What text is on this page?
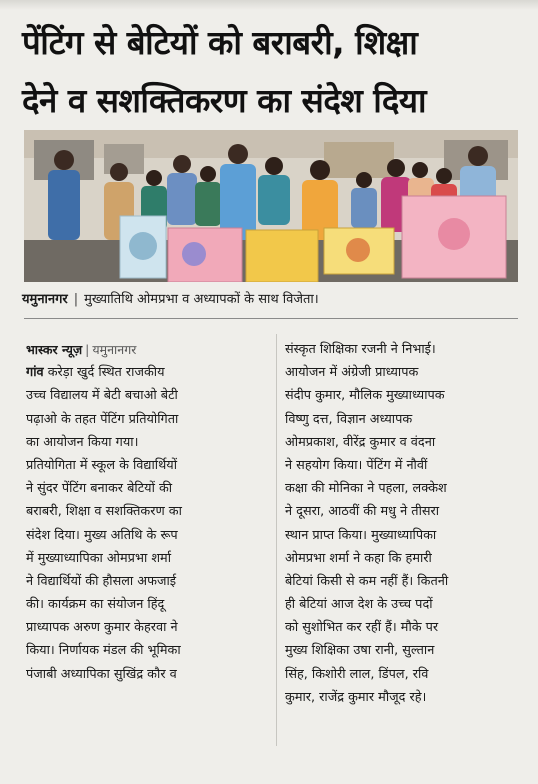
पेंटिंग से बेटियों को बराबरी, शिक्षा
देने व सशक्तिकरण का संदेश दिया
यमुनानगर | मुख्यातिथि ओमप्रभा व अध्यापकों के साथ विजेता।
भास्कर न्यूज़ | यमुनानगर
गांव करेड़ा खुर्द स्थित राजकीय
उच्च विद्यालय में बेटी बचाओ बेटी
पढ़ाओ के तहत पेंटिंग प्रतियोगिता
का आयोजन किया गया।
प्रतियोगिता में स्कूल के विद्यार्थियों
ने सुंदर पेंटिंग बनाकर बेटियों की
बराबरी, शिक्षा व सशक्तिकरण का
संदेश दिया। मुख्य अतिथि के रूप
में मुख्याध्यापिका ओमप्रभा शर्मा
ने विद्यार्थियों की हौसला अफजाई
की। कार्यक्रम का संयोजन हिंदू
प्राध्यापक अरुण कुमार केहरवा ने
किया। निर्णायक मंडल की भूमिका
पंजाबी अध्यापिका सुखिंद्र कौर व
संस्कृत शिक्षिका रजनी ने निभाई।
आयोजन में अंग्रेजी प्राध्यापक
संदीप कुमार, मौलिक मुख्याध्यापक
विष्णु दत्त, विज्ञान अध्यापक
ओमप्रकाश, वीरेंद्र कुमार व वंदना
ने सहयोग किया। पेंटिंग में नौवीं
कक्षा की मोनिका ने पहला, लक्केश
ने दूसरा, आठवीं की मधु ने तीसरा
स्थान प्राप्त किया। मुख्याध्यापिका
ओमप्रभा शर्मा ने कहा कि हमारी
बेटियां किसी से कम नहीं हैं। कितनी
ही बेटियां आज देश के उच्च पदों
को सुशोभित कर रहीं हैं। मौके पर
मुख्य शिक्षिका उषा रानी, सुल्तान
सिंह, किशोरी लाल, डिंपल, रवि
कुमार, राजेंद्र कुमार मौजूद रहे।
